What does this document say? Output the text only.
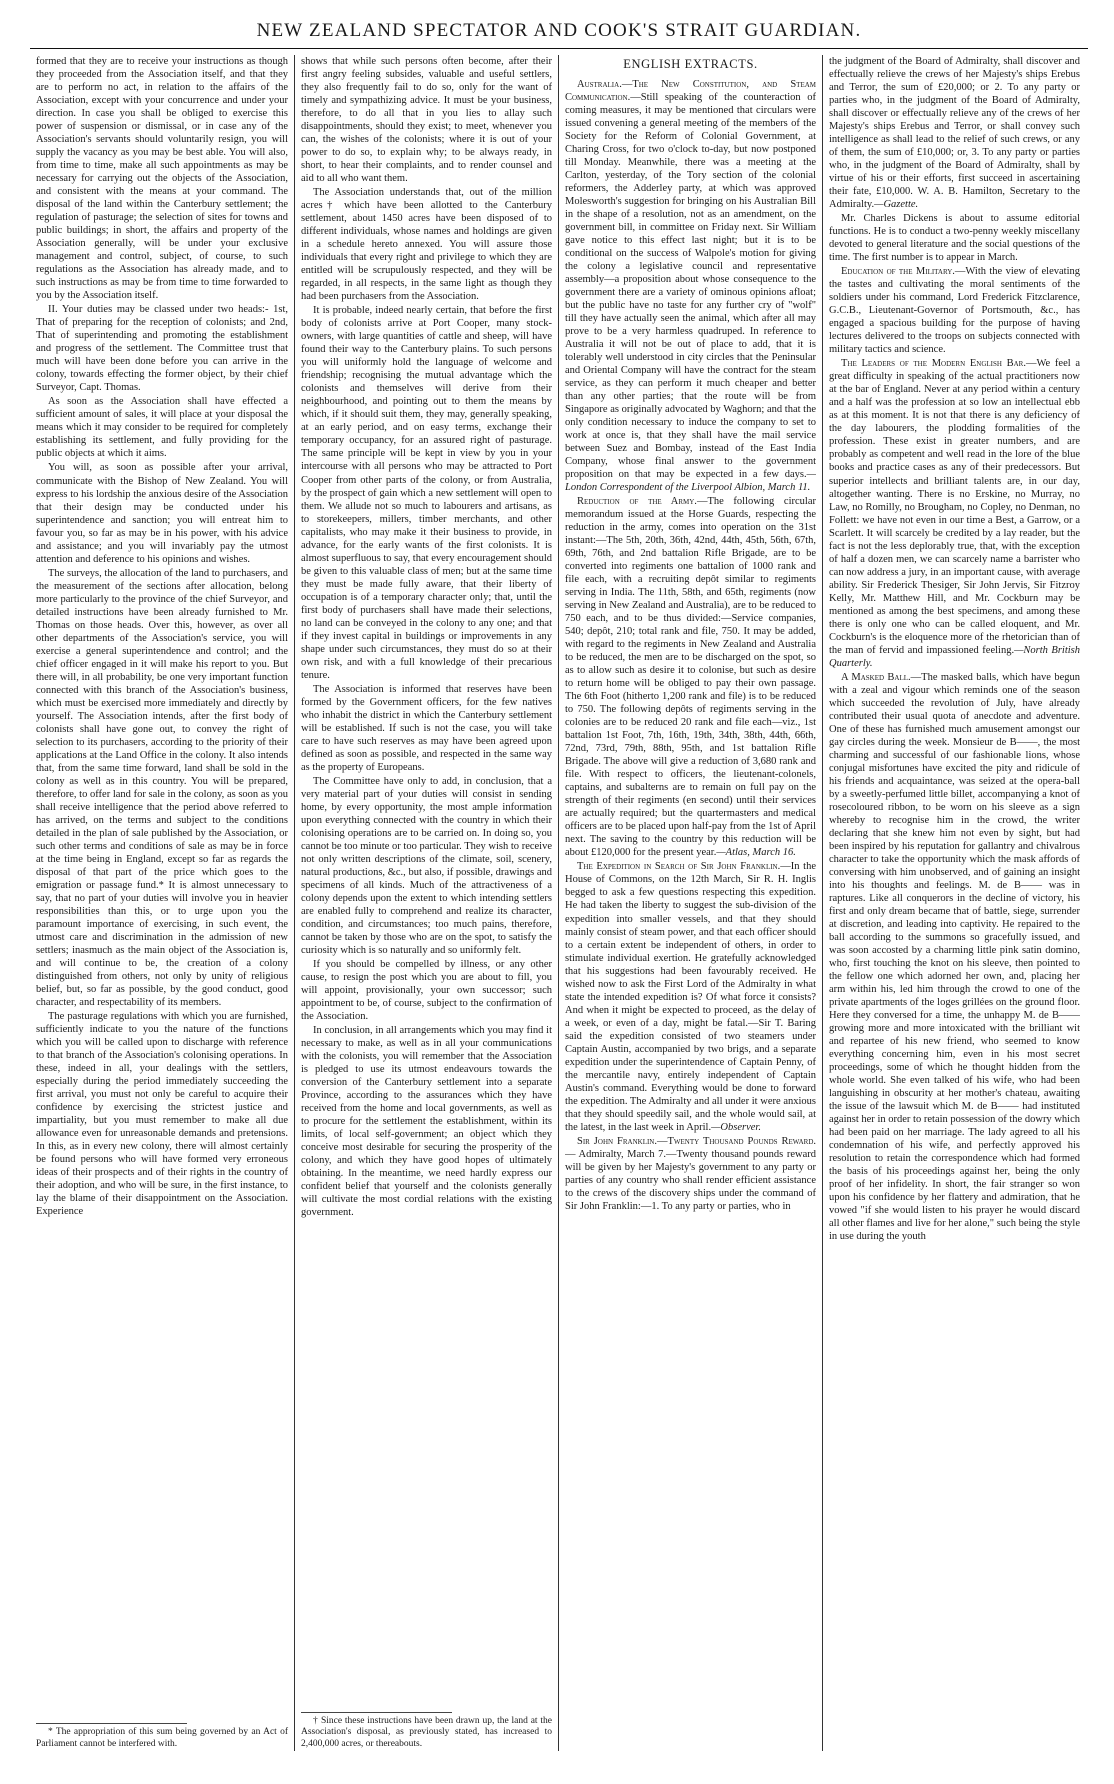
NEW ZEALAND SPECTATOR AND COOK'S STRAIT GUARDIAN.

formed that they are to receive your instructions as though they proceeded from the Association itself, and that they are to perform no act, in relation to the affairs of the Association, except with your concurrence and under your direction. In case you shall be obliged to exercise this power of suspension or dismissal, or in case any of the Association's servants should voluntarily resign, you will supply the vacancy as you may be best able. You will also, from time to time, make all such appointments as may be necessary for carrying out the objects of the Association, and consistent with the means at your command. The disposal of the land within the Canterbury settlement; the regulation of pasturage; the selection of sites for towns and public buildings; in short, the affairs and property of the Association generally, will be under your exclusive management and control, subject, of course, to such regulations as the Association has already made, and to such instructions as may be from time to time forwarded to you by the Association itself.

II. Your duties may be classed under two heads:- 1st, That of preparing for the reception of colonists; and 2nd, That of superintending and promoting the establishment and progress of the settlement. The Committee trust that much will have been done before you can arrive in the colony, towards effecting the former object, by their chief Surveyor, Capt. Thomas.

As soon as the Association shall have effected a sufficient amount of sales, it will place at your disposal the means which it may consider to be required for completely establishing its settlement, and fully providing for the public objects at which it aims.

You will, as soon as possible after your arrival, communicate with the Bishop of New Zealand. You will express to his lordship the anxious desire of the Association that their design may be conducted under his superintendence and sanction; you will entreat him to favour you, so far as may be in his power, with his advice and assistance; and you will invariably pay the utmost attention and deference to his opinions and wishes.

The surveys, the allocation of the land to purchasers, and the measurement of the sections after allocation, belong more particularly to the province of the chief Surveyor, and detailed instructions have been already furnished to Mr. Thomas on those heads. Over this, however, as over all other departments of the Association's service, you will exercise a general superintendence and control; and the chief officer engaged in it will make his report to you. But there will, in all probability, be one very important function connected with this branch of the Association's business, which must be exercised more immediately and directly by yourself. The Association intends, after the first body of colonists shall have gone out, to convey the right of selection to its purchasers, according to the priority of their applications at the Land Office in the colony. It also intends that, from the same time forward, land shall be sold in the colony as well as in this country. You will be prepared, therefore, to offer land for sale in the colony, as soon as you shall receive intelligence that the period above referred to has arrived, on the terms and subject to the conditions detailed in the plan of sale published by the Association, or such other terms and conditions of sale as may be in force at the time being in England, except so far as regards the disposal of that part of the price which goes to the emigration or passage fund.* It is almost unnecessary to say, that no part of your duties will involve you in heavier responsibilities than this, or to urge upon you the paramount importance of exercising, in such event, the utmost care and discrimination in the admission of new settlers; inasmuch as the main object of the Association is, and will continue to be, the creation of a colony distinguished from others, not only by unity of religious belief, but, so far as possible, by the good conduct, good character, and respectability of its members.

The pasturage regulations with which you are furnished, sufficiently indicate to you the nature of the functions which you will be called upon to discharge with reference to that branch of the Association's colonising operations. In these, indeed in all, your dealings with the settlers, especially during the period immediately succeeding the first arrival, you must not only be careful to acquire their confidence by exercising the strictest justice and impartiality, but you must remember to make all due allowance even for unreasonable demands and pretensions. In this, as in every new colony, there will almost certainly be found persons who will have formed very erroneous ideas of their prospects and of their rights in the country of their adoption, and who will be sure, in the first instance, to lay the blame of their disappointment on the Association. Experience

* The appropriation of this sum being governed by an Act of Parliament cannot be interfered with.

shows that while such persons often become, after their first angry feeling subsides, valuable and useful settlers, they also frequently fail to do so, only for the want of timely and sympathizing advice. It must be your business, therefore, to do all that in you lies to allay such disappointments, should they exist; to meet, whenever you can, the wishes of the colonists; where it is out of your power to do so, to explain why; to be always ready, in short, to hear their complaints, and to render counsel and aid to all who want them.

The Association understands that, out of the million acres† which have been allotted to the Canterbury settlement, about 1450 acres have been disposed of to different individuals, whose names and holdings are given in a schedule hereto annexed. You will assure those individuals that every right and privilege to which they are entitled will be scrupulously respected, and they will be regarded, in all respects, in the same light as though they had been purchasers from the Association.

It is probable, indeed nearly certain, that before the first body of colonists arrive at Port Cooper, many stock-owners, with large quantities of cattle and sheep, will have found their way to the Canterbury plains. To such persons you will uniformly hold the language of welcome and friendship; recognising the mutual advantage which the colonists and themselves will derive from their neighbourhood, and pointing out to them the means by which, if it should suit them, they may, generally speaking, at an early period, and on easy terms, exchange their temporary occupancy, for an assured right of pasturage. The same principle will be kept in view by you in your intercourse with all persons who may be attracted to Port Cooper from other parts of the colony, or from Australia, by the prospect of gain which a new settlement will open to them. We allude not so much to labourers and artisans, as to storekeepers, millers, timber merchants, and other capitalists, who may make it their business to provide, in advance, for the early wants of the first colonists. It is almost superfluous to say, that every encouragement should be given to this valuable class of men; but at the same time they must be made fully aware, that their liberty of occupation is of a temporary character only; that, until the first body of purchasers shall have made their selections, no land can be conveyed in the colony to any one; and that if they invest capital in buildings or improvements in any shape under such circumstances, they must do so at their own risk, and with a full knowledge of their precarious tenure.

The Association is informed that reserves have been formed by the Government officers, for the few natives who inhabit the district in which the Canterbury settlement will be established. If such is not the case, you will take care to have such reserves as may have been agreed upon defined as soon as possible, and respected in the same way as the property of Europeans.

The Committee have only to add, in conclusion, that a very material part of your duties will consist in sending home, by every opportunity, the most ample information upon everything connected with the country in which their colonising operations are to be carried on. In doing so, you cannot be too minute or too particular. They wish to receive not only written descriptions of the climate, soil, scenery, natural productions, &c., but also, if possible, drawings and specimens of all kinds. Much of the attractiveness of a colony depends upon the extent to which intending settlers are enabled fully to comprehend and realize its character, condition, and circumstances; too much pains, therefore, cannot be taken by those who are on the spot, to satisfy the curiosity which is so naturally and so uniformly felt.

If you should be compelled by illness, or any other cause, to resign the post which you are about to fill, you will appoint, provisionally, your own successor; such appointment to be, of course, subject to the confirmation of the Association.

In conclusion, in all arrangements which you may find it necessary to make, as well as in all your communications with the colonists, you will remember that the Association is pledged to use its utmost endeavours towards the conversion of the Canterbury settlement into a separate Province, according to the assurances which they have received from the home and local governments, as well as to procure for the settlement the establishment, within its limits, of local self-government; an object which they conceive most desirable for securing the prosperity of the colony, and which they have good hopes of ultimately obtaining. In the meantime, we need hardly express our confident belief that yourself and the colonists generally will cultivate the most cordial relations with the existing government.

† Since these instructions have been drawn up, the land at the Association's disposal, as previously stated, has increased to 2,400,000 acres, or thereabouts.

ENGLISH EXTRACTS.

Australia.—The New Constitution, and Steam Communication.—Still speaking of the counteraction of coming measures, it may be mentioned that circulars were issued convening a general meeting of the members of the Society for the Reform of Colonial Government, at Charing Cross, for two o'clock to-day, but now postponed till Monday. Meanwhile, there was a meeting at the Carlton, yesterday, of the Tory section of the colonial reformers, the Adderley party, at which was approved Molesworth's suggestion for bringing on his Australian Bill in the shape of a resolution, not as an amendment, on the government bill, in committee on Friday next. Sir William gave notice to this effect last night; but it is to be conditional on the success of Walpole's motion for giving the colony a legislative council and representative assembly—a proposition about whose consequence to the government there are a variety of ominous opinions afloat; but the public have no taste for any further cry of "wolf" till they have actually seen the animal, which after all may prove to be a very harmless quadruped. In reference to Australia it will not be out of place to add, that it is tolerably well understood in city circles that the Peninsular and Oriental Company will have the contract for the steam service, as they can perform it much cheaper and better than any other parties; that the route will be from Singapore as originally advocated by Waghorn; and that the only condition necessary to induce the company to set to work at once is, that they shall have the mail service between Suez and Bombay, instead of the East India Company, whose final answer to the government proposition on that may be expected in a few days.—London Correspondent of the Liverpool Albion, March 11.

Reduction of the Army.—The following circular memorandum issued at the Horse Guards, respecting the reduction in the army, comes into operation on the 31st instant:—The 5th, 20th, 36th, 42nd, 44th, 45th, 56th, 67th, 69th, 76th, and 2nd battalion Rifle Brigade, are to be converted into regiments one battalion of 1000 rank and file each, with a recruiting depôt similar to regiments serving in India. The 11th, 58th, and 65th, regiments (now serving in New Zealand and Australia), are to be reduced to 750 each, and to be thus divided:—Service companies, 540; depôt, 210; total rank and file, 750. It may be added, with regard to the regiments in New Zealand and Australia to be reduced, the men are to be discharged on the spot, so as to allow such as desire it to colonise, but such as desire to return home will be obliged to pay their own passage. The 6th Foot (hitherto 1,200 rank and file) is to be reduced to 750. The following depôts of regiments serving in the colonies are to be reduced 20 rank and file each—viz., 1st battalion 1st Foot, 7th, 16th, 19th, 34th, 38th, 44th, 66th, 72nd, 73rd, 79th, 88th, 95th, and 1st battalion Rifle Brigade. The above will give a reduction of 3,680 rank and file. With respect to officers, the lieutenant-colonels, captains, and subalterns are to remain on full pay on the strength of their regiments (en second) until their services are actually required; but the quartermasters and medical officers are to be placed upon half-pay from the 1st of April next. The saving to the country by this reduction will be about £120,000 for the present year.—Atlas, March 16.

The Expedition in Search of Sir John Franklin.—In the House of Commons, on the 12th March, Sir R. H. Inglis begged to ask a few questions respecting this expedition. He had taken the liberty to suggest the sub-division of the expedition into smaller vessels, and that they should mainly consist of steam power, and that each officer should to a certain extent be independent of others, in order to stimulate individual exertion. He gratefully acknowledged that his suggestions had been favourably received. He wished now to ask the First Lord of the Admiralty in what state the intended expedition is? Of what force it consists? And when it might be expected to proceed, as the delay of a week, or even of a day, might be fatal.—Sir T. Baring said the expedition consisted of two steamers under Captain Austin, accompanied by two brigs, and a separate expedition under the superintendence of Captain Penny, of the mercantile navy, entirely independent of Captain Austin's command. Everything would be done to forward the expedition. The Admiralty and all under it were anxious that they should speedily sail, and the whole would sail, at the latest, in the last week in April.—Observer.

Sir John Franklin.—Twenty Thousand Pounds Reward.— Admiralty, March 7.—Twenty thousand pounds reward will be given by her Majesty's government to any party or parties of any country who shall render efficient assistance to the crews of the discovery ships under the command of Sir John Franklin:—1. To any party or parties, who in

the judgment of the Board of Admiralty, shall discover and effectually relieve the crews of her Majesty's ships Erebus and Terror, the sum of £20,000; or 2. To any party or parties who, in the judgment of the Board of Admiralty, shall discover or effectually relieve any of the crews of her Majesty's ships Erebus and Terror, or shall convey such intelligence as shall lead to the relief of such crews, or any of them, the sum of £10,000; or, 3. To any party or parties who, in the judgment of the Board of Admiralty, shall by virtue of his or their efforts, first succeed in ascertaining their fate, £10,000. W. A. B. Hamilton, Secretary to the Admiralty.—Gazette.

Mr. Charles Dickens is about to assume editorial functions. He is to conduct a two-penny weekly miscellany devoted to general literature and the social questions of the time. The first number is to appear in March.

Education of the Military.—With the view of elevating the tastes and cultivating the moral sentiments of the soldiers under his command, Lord Frederick Fitzclarence, G.C.B., Lieutenant-Governor of Portsmouth, &c., has engaged a spacious building for the purpose of having lectures delivered to the troops on subjects connected with military tactics and science.

The Leaders of the Modern English Bar.—We feel a great difficulty in speaking of the actual practitioners now at the bar of England. Never at any period within a century and a half was the profession at so low an intellectual ebb as at this moment. It is not that there is any deficiency of the day labourers, the plodding formalities of the profession. These exist in greater numbers, and are probably as competent and well read in the lore of the blue books and practice cases as any of their predecessors. But superior intellects and brilliant talents are, in our day, altogether wanting. There is no Erskine, no Murray, no Law, no Romilly, no Brougham, no Copley, no Denman, no Follett: we have not even in our time a Best, a Garrow, or a Scarlett. It will scarcely be credited by a lay reader, but the fact is not the less deplorably true, that, with the exception of half a dozen men, we can scarcely name a barrister who can now address a jury, in an important cause, with average ability. Sir Frederick Thesiger, Sir John Jervis, Sir Fitzroy Kelly, Mr. Matthew Hill, and Mr. Cockburn may be mentioned as among the best specimens, and among these there is only one who can be called eloquent, and Mr. Cockburn's is the eloquence more of the rhetorician than of the man of fervid and impassioned feeling.—North British Quarterly.

A Masked Ball.—The masked balls, which have begun with a zeal and vigour which reminds one of the season which succeeded the revolution of July, have already contributed their usual quota of anecdote and adventure. One of these has furnished much amusement amongst our gay circles during the week. Monsieur de B——, the most charming and successful of our fashionable lions, whose conjugal misfortunes have excited the pity and ridicule of his friends and acquaintance, was seized at the opera-ball by a sweetly-perfumed little billet, accompanying a knot of rosecoloured ribbon, to be worn on his sleeve as a sign whereby to recognise him in the crowd, the writer declaring that she knew him not even by sight, but had been inspired by his reputation for gallantry and chivalrous character to take the opportunity which the mask affords of conversing with him unobserved, and of gaining an insight into his thoughts and feelings. M. de B—— was in raptures. Like all conquerors in the decline of victory, his first and only dream became that of battle, siege, surrender at discretion, and leading into captivity. He repaired to the ball according to the summons so gracefully issued, and was soon accosted by a charming little pink satin domino, who, first touching the knot on his sleeve, then pointed to the fellow one which adorned her own, and, placing her arm within his, led him through the crowd to one of the private apartments of the loges grillées on the ground floor. Here they conversed for a time, the unhappy M. de B—— growing more and more intoxicated with the brilliant wit and repartee of his new friend, who seemed to know everything concerning him, even in his most secret proceedings, some of which he thought hidden from the whole world. She even talked of his wife, who had been languishing in obscurity at her mother's chateau, awaiting the issue of the lawsuit which M. de B—— had instituted against her in order to retain possession of the dowry which had been paid on her marriage. The lady agreed to all his condemnation of his wife, and perfectly approved his resolution to retain the correspondence which had formed the basis of his proceedings against her, being the only proof of her infidelity. In short, the fair stranger so won upon his confidence by her flattery and admiration, that he vowed "if she would listen to his prayer he would discard all other flames and live for her alone," such being the style in use during the youth
